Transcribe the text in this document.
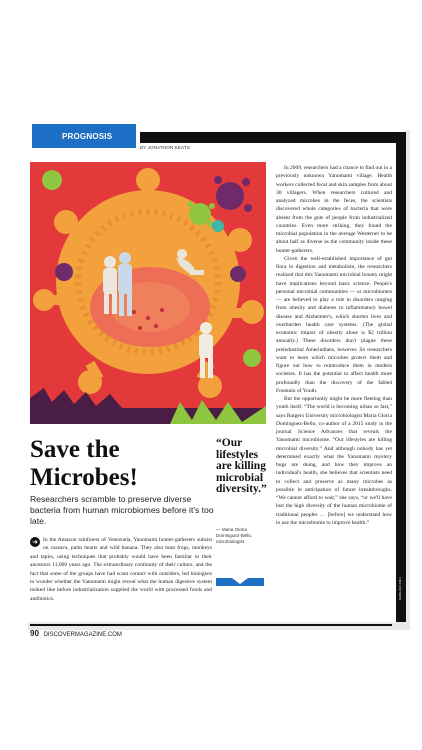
GIANLUCA FOLI
PROGNOSIS
BY JONATHON KEATS
Save the Microbes!
Researchers scramble to preserve diverse bacteria from human microbiomes before it's too late.
“Our lifestyles are killing microbial diversity.”
— Maria Gloria Dominguez-Bello, microbiologist
➜ In the Amazon rainforest of Venezuela, Yanomami hunter-gatherers subsist on cassava, palm hearts and wild banana. They also hunt frogs, monkeys and tapirs, using techniques that probably would have been familiar to their ancestors 11,000 years ago. The extraordinary continuity of their culture, and the fact that some of the groups have had scant contact with outsiders, led biologists to wonder whether the Yanomami might reveal what the human digestive system looked like before industrialization supplied the world with processed foods and antibiotics.

In 2009, researchers had a chance to find out in a previously unknown Yanomami village. Health workers collected fecal and skin samples from about 30 villagers. When researchers cultured and analyzed microbes in the feces, the scientists discovered whole categories of bacteria that were absent from the guts of people from industrialized countries. Even more striking, they found the microbial population in the average Westerner to be about half as diverse as the community inside these hunter-gatherers.

Given the well-established importance of gut flora in digestion and metabolism, the researchers realized that this Yanomami microbial bounty might have implications beyond basic science. People's personal microbial communities — or microbiomes — are believed to play a role in disorders ranging from obesity and diabetes to inflammatory bowel disease and Alzheimer's, which shorten lives and overburden health care systems. (The global economic impact of obesity alone is $2 trillion annually.) These disorders don't plague these preindustrial Amerindians, however. So researchers want to learn which microbes protect them and figure out how to reintroduce them in modern societies. It has the potential to affect health more profoundly than the discovery of the fabled Fountain of Youth.

But the opportunity might be more fleeting than youth itself. “The world is becoming urban so fast,” says Rutgers University microbiologist Maria Gloria Dominguez-Bello, co-author of a 2015 study in the journal Science Advances that reveals the Yanomami microbiome. “Our lifestyles are killing microbial diversity.” And although nobody has yet determined exactly what the Yanomami mystery bugs are doing, and how they improve an individual's health, she believes that scientists need to collect and preserve as many microbes as possible in anticipation of future breakthroughs. “We cannot afford to wait,” she says, “or we'll have lost the high diversity of the human microbiome of traditional peoples … [before] we understand how to use the microbiome to improve health.”

90 DISCOVERMAGAZINE.COM
